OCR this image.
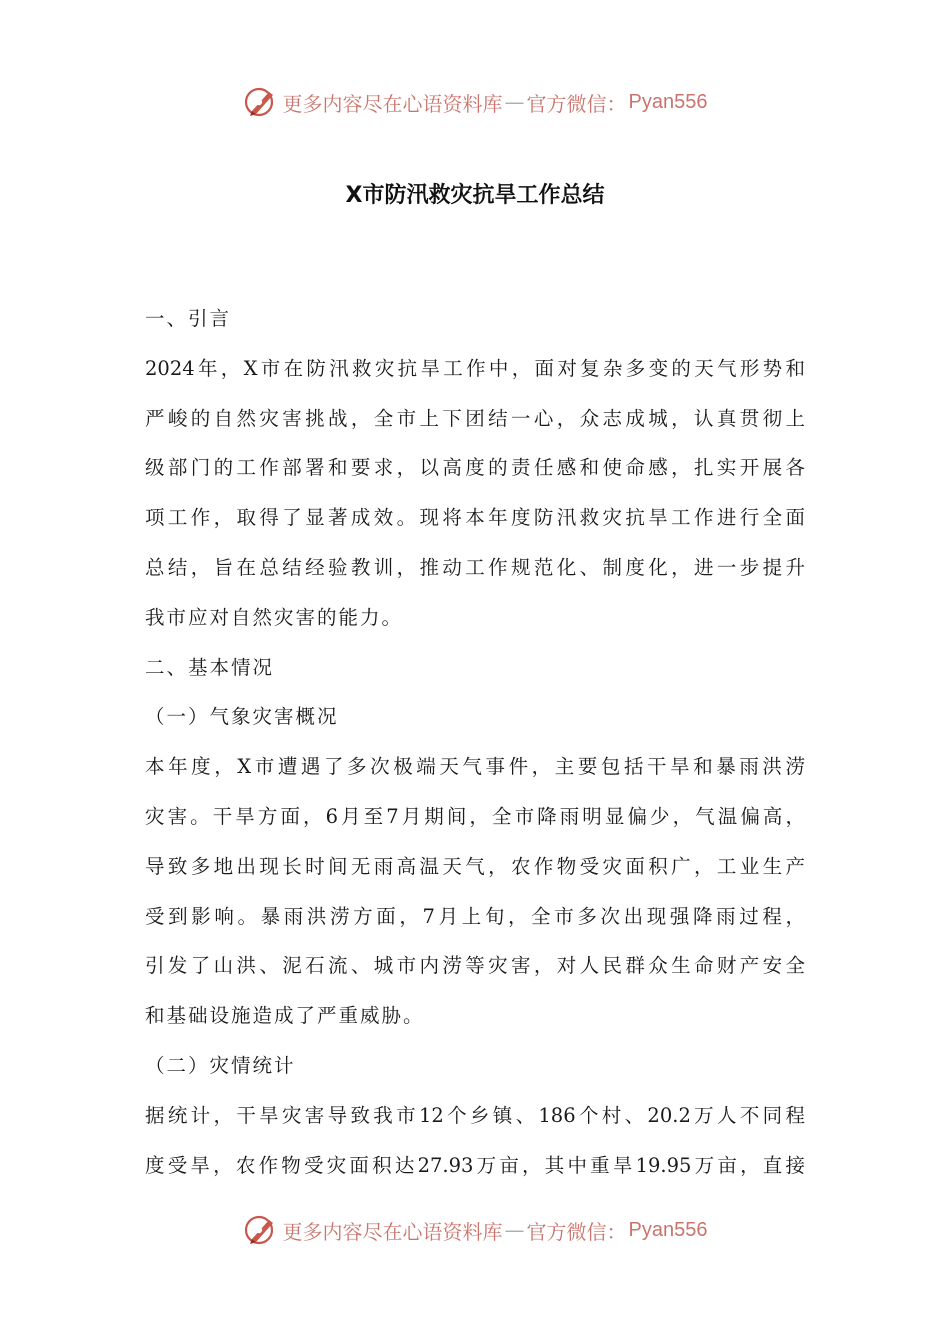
更多内容尽在心语资料库 — 官方微信： Pyan556
X市防汛救灾抗旱工作总结
一、引言
2024年，X市在防汛救灾抗旱工作中，面对复杂多变的天气形势和
严峻的自然灾害挑战，全市上下团结一心，众志成城，认真贯彻上
级部门的工作部署和要求，以高度的责任感和使命感，扎实开展各
项工作，取得了显著成效。现将本年度防汛救灾抗旱工作进行全面
总结，旨在总结经验教训，推动工作规范化、制度化，进一步提升
我市应对自然灾害的能力。
二、基本情况
（一）气象灾害概况
本年度，X市遭遇了多次极端天气事件，主要包括干旱和暴雨洪涝
灾害。干旱方面，6月至7月期间，全市降雨明显偏少，气温偏高，
导致多地出现长时间无雨高温天气，农作物受灾面积广，工业生产
受到影响。暴雨洪涝方面，7月上旬，全市多次出现强降雨过程，
引发了山洪、泥石流、城市内涝等灾害，对人民群众生命财产安全
和基础设施造成了严重威胁。
（二）灾情统计
据统计，干旱灾害导致我市12个乡镇、186个村、20.2万人不同程
度受旱，农作物受灾面积达27.93万亩，其中重旱19.95万亩，直接
更多内容尽在心语资料库 — 官方微信： Pyan556
